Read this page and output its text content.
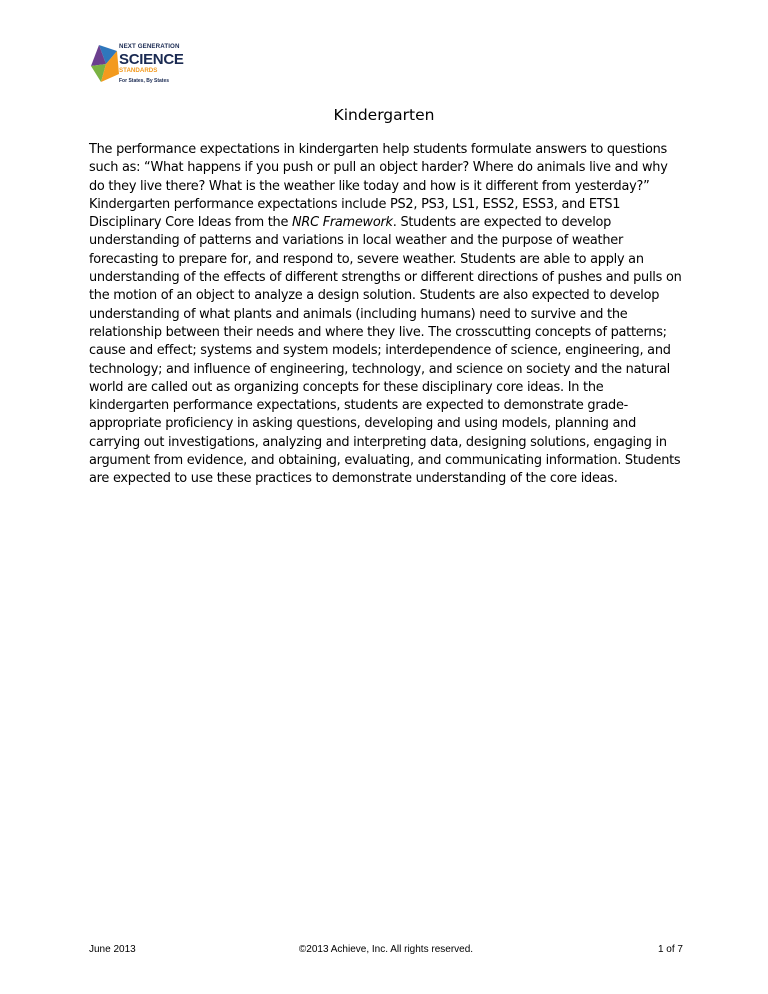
NEXT GENERATION
SCIENCE
STANDARDS
For States, By States
Kindergarten

The performance expectations in kindergarten help students formulate answers to questions such as: “What happens if you push or pull an object harder? Where do animals live and why do they live there? What is the weather like today and how is it different from yesterday?” Kindergarten performance expectations include PS2, PS3, LS1, ESS2, ESS3, and ETS1 Disciplinary Core Ideas from the NRC Framework. Students are expected to develop understanding of patterns and variations in local weather and the purpose of weather forecasting to prepare for, and respond to, severe weather. Students are able to apply an understanding of the effects of different strengths or different directions of pushes and pulls on the motion of an object to analyze a design solution. Students are also expected to develop understanding of what plants and animals (including humans) need to survive and the relationship between their needs and where they live. The crosscutting concepts of patterns; cause and effect; systems and system models; interdependence of science, engineering, and technology; and influence of engineering, technology, and science on society and the natural world are called out as organizing concepts for these disciplinary core ideas. In the kindergarten performance expectations, students are expected to demonstrate grade-appropriate proficiency in asking questions, developing and using models, planning and carrying out investigations, analyzing and interpreting data, designing solutions, engaging in argument from evidence, and obtaining, evaluating, and communicating information. Students are expected to use these practices to demonstrate understanding of the core ideas.

June 2013	©2013 Achieve, Inc. All rights reserved.	1 of 7
